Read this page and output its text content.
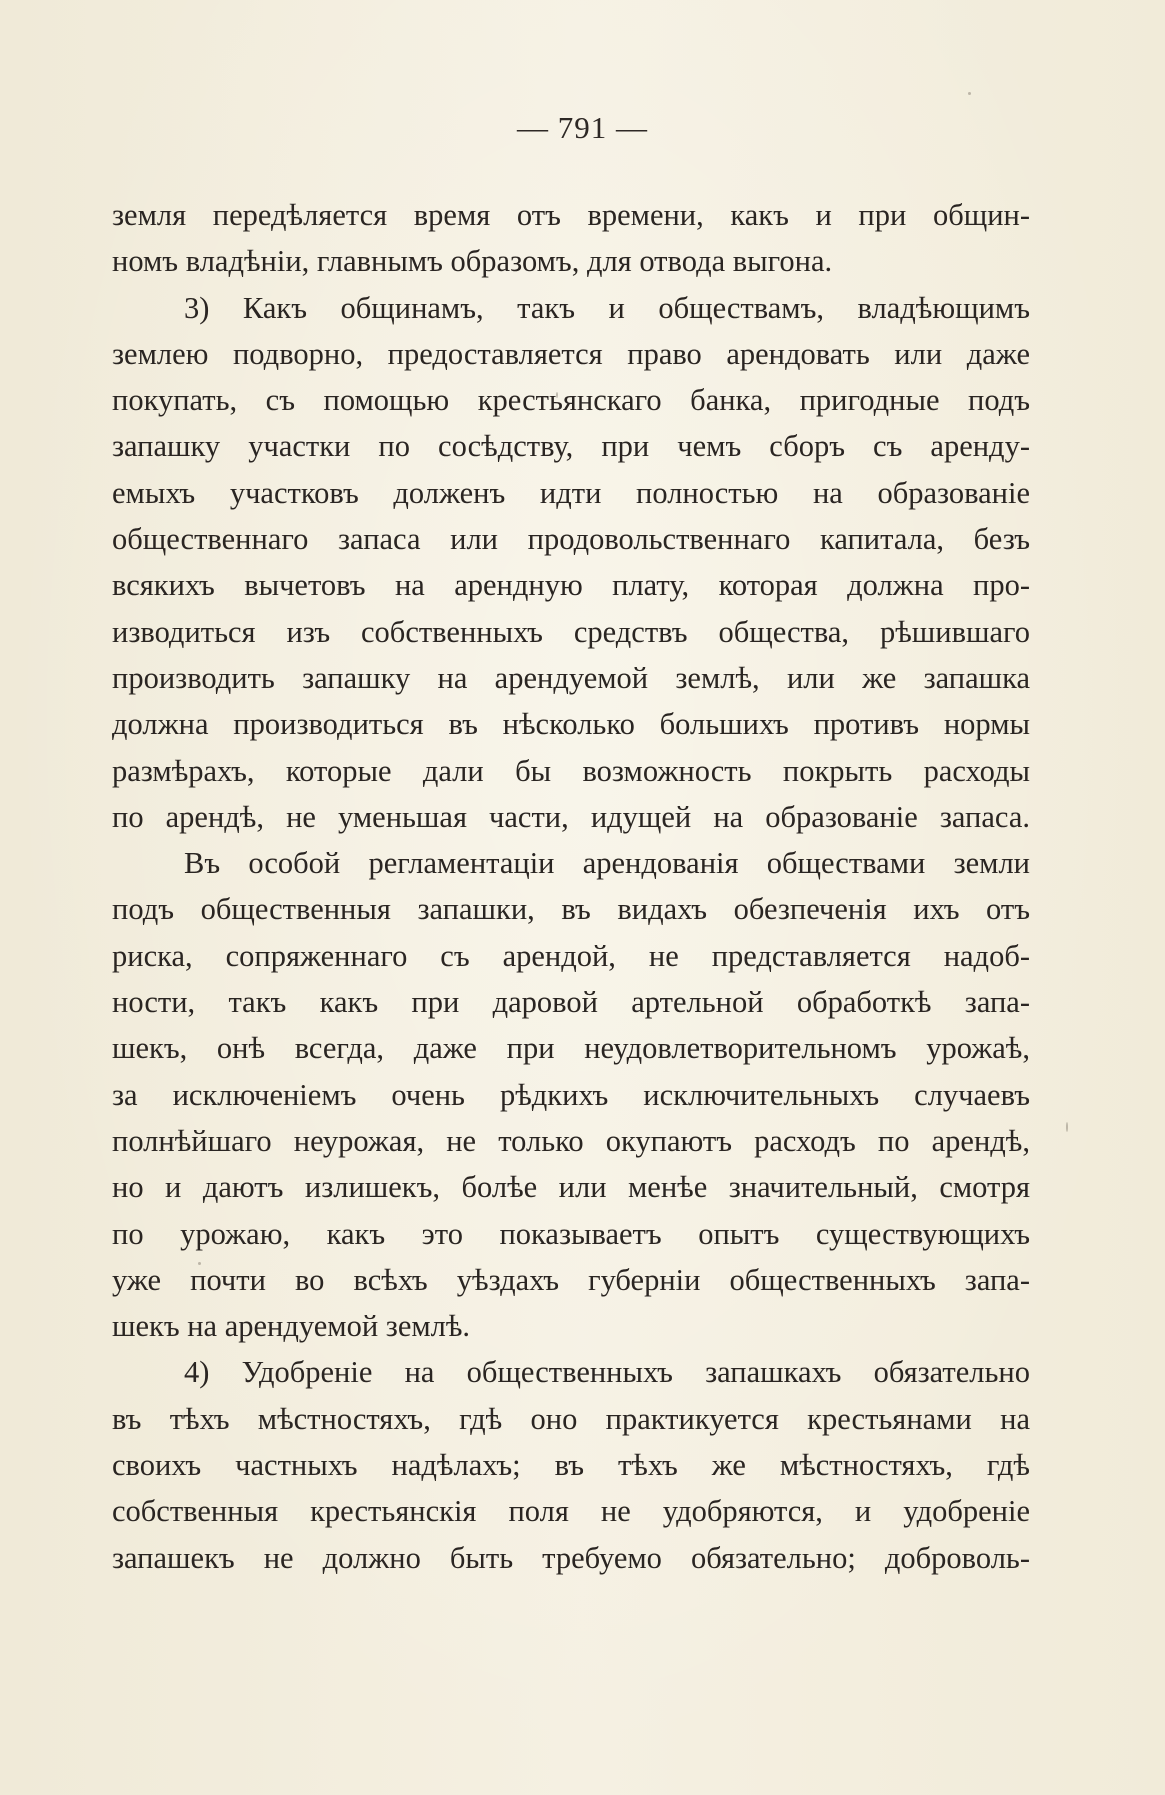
— 791 —

земля передѣляется время отъ времени, какъ и при общин-

номъ владѣніи, главнымъ образомъ, для отвода выгона.

3) Какъ общинамъ, такъ и обществамъ, владѣющимъ

землею подворно, предоставляется право арендовать или даже

покупать, съ помощью крестьянскаго банка, пригодные подъ

запашку участки по сосѣдству, при чемъ сборъ съ аренду-

емыхъ участковъ долженъ идти полностью на образованіе

общественнаго запаса или продовольственнаго капитала, безъ

всякихъ вычетовъ на арендную плату, которая должна про-

изводиться изъ собственныхъ средствъ общества, рѣшившаго

производить запашку на арендуемой землѣ, или же запашка

должна производиться въ нѣсколько большихъ противъ нормы

размѣрахъ, которые дали бы возможность покрыть расходы

по арендѣ, не уменьшая части, идущей на образованіе запаса.

Въ особой регламентаціи арендованія обществами земли

подъ общественныя запашки, въ видахъ обезпеченія ихъ отъ

риска, сопряженнаго съ арендой, не представляется надоб-

ности, такъ какъ при даровой артельной обработкѣ запа-

шекъ, онѣ всегда, даже при неудовлетворительномъ урожаѣ,

за исключеніемъ очень рѣдкихъ исключительныхъ случаевъ

полнѣйшаго неурожая, не только окупаютъ расходъ по арендѣ,

но и даютъ излишекъ, болѣе или менѣе значительный, смотря

по урожаю, какъ это показываетъ опытъ существующихъ

уже почти во всѣхъ уѣздахъ губерніи общественныхъ запа-

шекъ на арендуемой землѣ.

4) Удобреніе на общественныхъ запашкахъ обязательно

въ тѣхъ мѣстностяхъ, гдѣ оно практикуется крестьянами на

своихъ частныхъ надѣлахъ; въ тѣхъ же мѣстностяхъ, гдѣ

собственныя крестьянскія поля не удобряются, и удобреніе

запашекъ не должно быть требуемо обязательно; доброволь-
